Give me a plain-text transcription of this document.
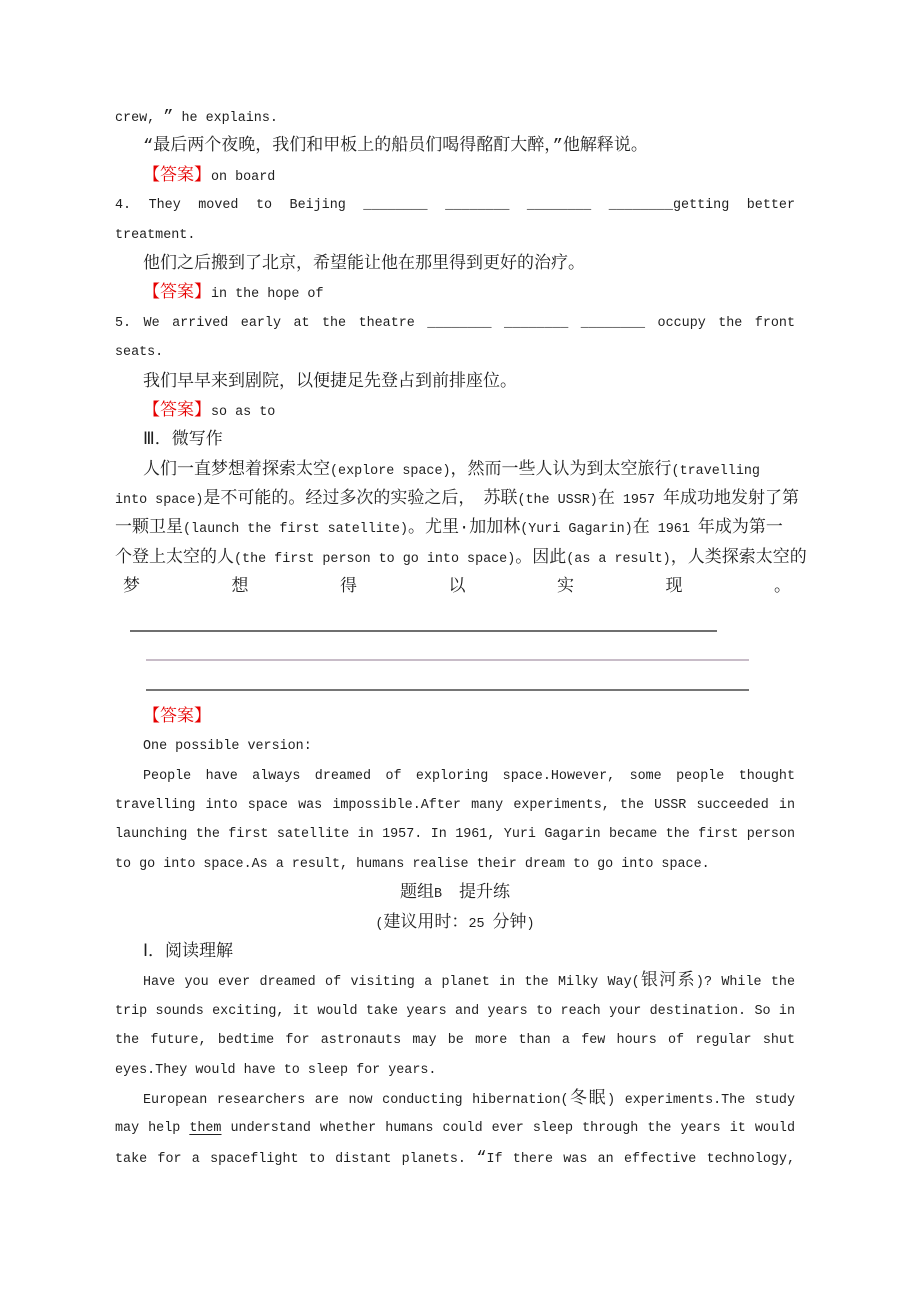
crew, ” he explains.
“最后两个夜晚，我们和甲板上的船员们喝得酩酊大醉，”他解释说。
【答案】on board
4. They moved to Beijing ________ ________ ________ ________getting better
treatment.
他们之后搬到了北京，希望能让他在那里得到更好的治疗。
【答案】in the hope of
5. We arrived early at the theatre ________ ________ ________ occupy the front
seats.
我们早早来到剧院，以便捷足先登占到前排座位。
【答案】so as to
Ⅲ．微写作
人们一直梦想着探索太空(explore space)，然而一些人认为到太空旅行(travelling
into space)是不可能的。经过多次的实验之后， 苏联(the USSR)在 1957 年成功地发射了第
一颗卫星(launch the first satellite)。尤里·加加林(Yuri Gagarin)在 1961 年成为第一
个登上太空的人(the first person to go into space)。因此(as a result)，人类探索太空的
梦	想	得	以	实	现	。
【答案】
One possible version:
People have always dreamed of exploring space.However, some people thought
travelling into space was impossible.After many experiments, the USSR succeeded in
launching the first satellite in 1957. In 1961, Yuri Gagarin became the first person
to go into space.As a result, humans realise their dream to go into space.
题组B　提升练
(建议用时：25 分钟)
Ⅰ．阅读理解
Have you ever dreamed of visiting a planet in the Milky Way(银河系)? While the
trip sounds exciting, it would take years and years to reach your destination. So in
the future, bedtime for astronauts may be more than a few hours of regular shut
eyes.They would have to sleep for years.
European researchers are now conducting hibernation(冬眠) experiments.The study
may help them understand whether humans could ever sleep through the years it would
take for a spaceflight to distant planets. “If there was an effective technology,
